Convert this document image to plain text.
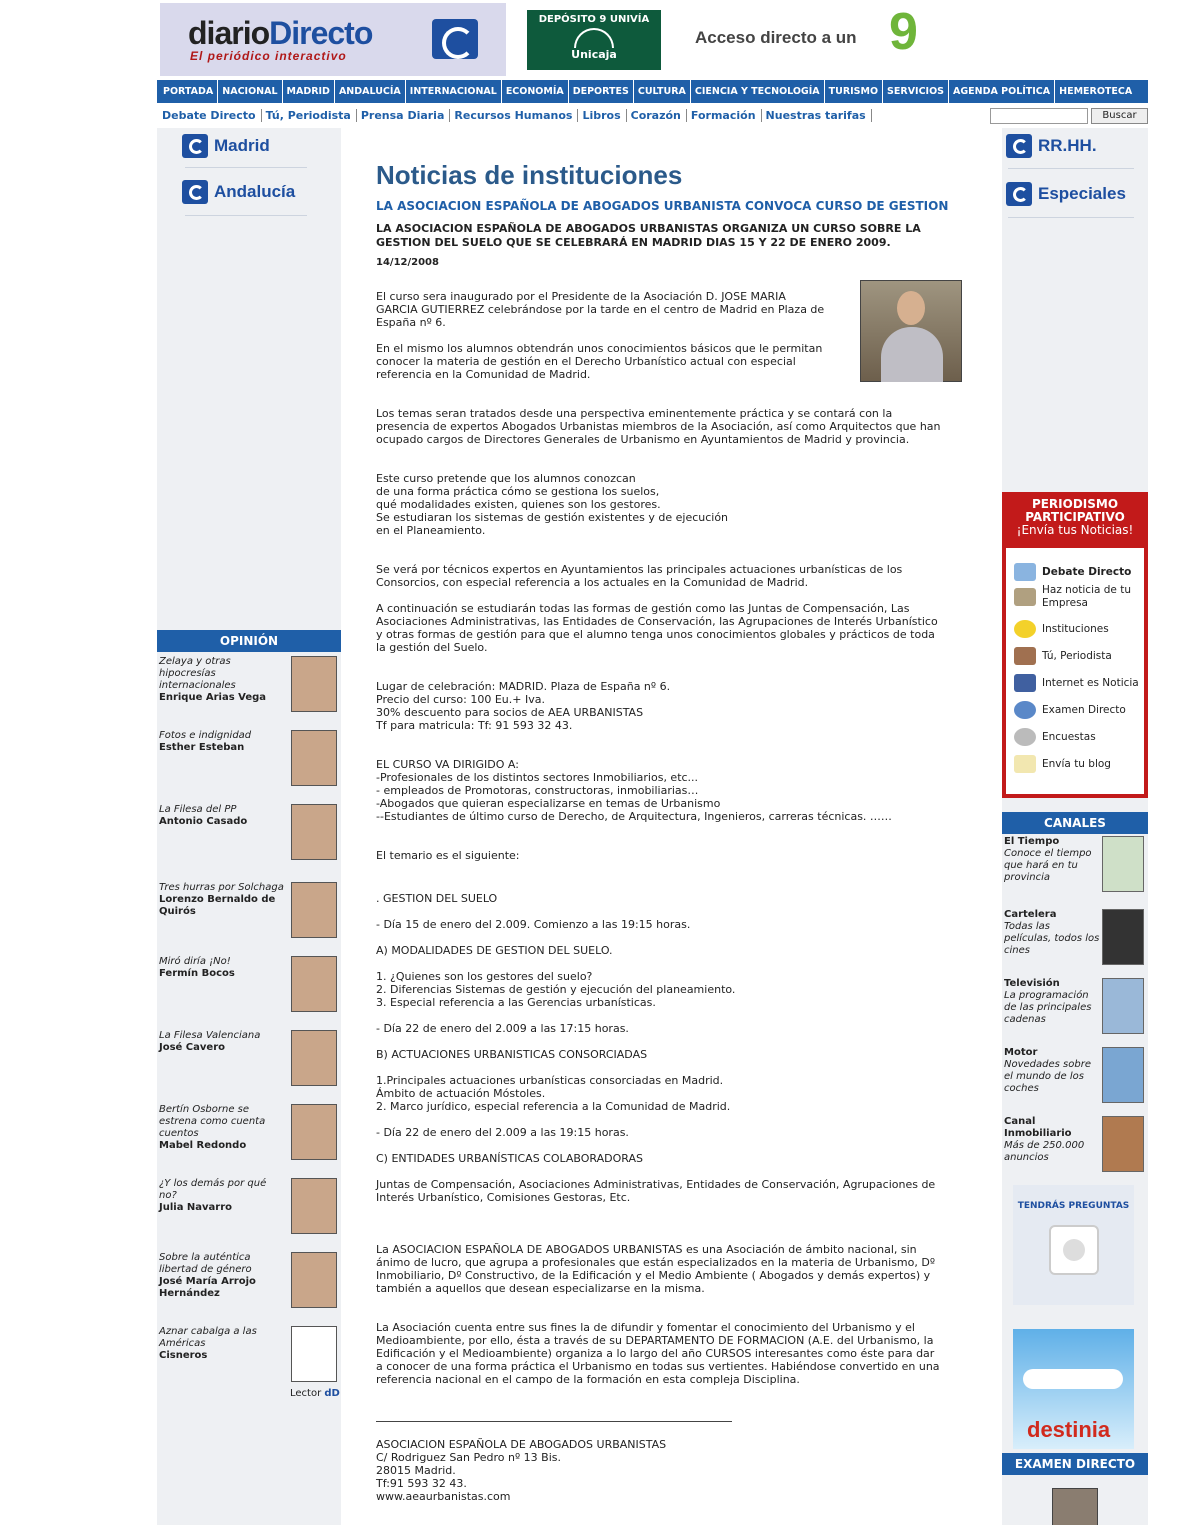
diarioDirecto
El periódico interactivo
DEPÓSITO 9 UNIVÍA
Unicaja
Acceso directo a un 9
PORTADA NACIONAL MADRID ANDALUCÍA INTERNACIONAL ECONOMÍA DEPORTES CULTURA CIENCIA Y TECNOLOGÍA TURISMO SERVICIOS AGENDA POLÍTICA HEMEROTECA
Debate Directo Tú, Periodista Prensa Diaria Recursos Humanos Libros Corazón Formación Nuestras tarifas	Buscar
Madrid
Andalucía
OPINIÓN
Zelaya y otras hipocresías internacionales
Enrique Arias Vega
Fotos e indignidad
Esther Esteban
La Filesa del PP
Antonio Casado
Tres hurras por Solchaga
Lorenzo Bernaldo de Quirós
Miró diría ¡No!
Fermín Bocos
La Filesa Valenciana
José Cavero
Bertín Osborne se estrena como cuenta cuentos
Mabel Redondo
¿Y los demás por qué no?
Julia Navarro
Sobre la auténtica libertad de género
José María Arrojo Hernández
Aznar cabalga a las Américas
Cisneros
Lector dD
Noticias de instituciones
LA ASOCIACION ESPAÑOLA DE ABOGADOS URBANISTA CONVOCA CURSO DE GESTION
LA ASOCIACION ESPAÑOLA DE ABOGADOS URBANISTAS ORGANIZA UN CURSO SOBRE LA GESTION DEL SUELO QUE SE CELEBRARÁ EN MADRID DIAS 15 Y 22 DE ENERO 2009.
14/12/2008
El curso sera inaugurado por el Presidente de la Asociación D. JOSE MARIA
GARCIA GUTIERREZ celebrándose por la tarde en el centro de Madrid en Plaza de
España nº 6.
En el mismo los alumnos obtendrán unos conocimientos básicos que le permitan
conocer la materia de gestión en el Derecho Urbanístico actual con especial
referencia en la Comunidad de Madrid.
Los temas seran tratados desde una perspectiva eminentemente práctica y se contará con la
presencia de expertos Abogados Urbanistas miembros de la Asociación, así como Arquitectos que han
ocupado cargos de Directores Generales de Urbanismo en Ayuntamientos de Madrid y provincia.
Este curso pretende que los alumnos conozcan
de una forma práctica cómo se gestiona los suelos,
qué modalidades existen, quienes son los gestores.
Se estudiaran los sistemas de gestión existentes y de ejecución
en el Planeamiento.
Se verá por técnicos expertos en Ayuntamientos las principales actuaciones urbanísticas de los
Consorcios, con especial referencia a los actuales en la Comunidad de Madrid.
A continuación se estudiarán todas las formas de gestión como las Juntas de Compensación, Las
Asociaciones Administrativas, las Entidades de Conservación, las Agrupaciones de Interés Urbanístico
y otras formas de gestión para que el alumno tenga unos conocimientos globales y prácticos de toda
la gestión del Suelo.
Lugar de celebración: MADRID. Plaza de España nº 6.
Precio del curso: 100 Eu.+ Iva.
30% descuento para socios de AEA URBANISTAS
Tf para matricula: Tf: 91 593 32 43.
EL CURSO VA DIRIGIDO A:
-Profesionales de los distintos sectores Inmobiliarios, etc...
- empleados de Promotoras, constructoras, inmobiliarias…
-Abogados que quieran especializarse en temas de Urbanismo
--Estudiantes de último curso de Derecho, de Arquitectura, Ingenieros, carreras técnicas. ……
El temario es el siguiente:
. GESTION DEL SUELO
- Día 15 de enero del 2.009. Comienzo a las 19:15 horas.
A) MODALIDADES DE GESTION DEL SUELO.
1. ¿Quienes son los gestores del suelo?
2. Diferencias Sistemas de gestión y ejecución del planeamiento.
3. Especial referencia a las Gerencias urbanísticas.
- Día 22 de enero del 2.009 a las 17:15 horas.
B) ACTUACIONES URBANISTICAS CONSORCIADAS
1.Principales actuaciones urbanísticas consorciadas en Madrid.
Ámbito de actuación Móstoles.
2. Marco jurídico, especial referencia a la Comunidad de Madrid.
- Día 22 de enero del 2.009 a las 19:15 horas.
C) ENTIDADES URBANÍSTICAS COLABORADORAS
Juntas de Compensación, Asociaciones Administrativas, Entidades de Conservación, Agrupaciones de
Interés Urbanístico, Comisiones Gestoras, Etc.
La ASOCIACION ESPAÑOLA DE ABOGADOS URBANISTAS es una Asociación de ámbito nacional, sin
ánimo de lucro, que agrupa a profesionales que están especializados en la materia de Urbanismo, Dº
Inmobiliario, Dº Constructivo, de la Edificación y el Medio Ambiente ( Abogados y demás expertos) y
también a aquellos que desean especializarse en la misma.
La Asociación cuenta entre sus fines la de difundir y fomentar el conocimiento del Urbanismo y el
Medioambiente, por ello, ésta a través de su DEPARTAMENTO DE FORMACION (A.E. del Urbanismo, la
Edificación y el Medioambiente) organiza a lo largo del año CURSOS interesantes como éste para dar
a conocer de una forma práctica el Urbanismo en todas sus vertientes. Habiéndose convertido en una
referencia nacional en el campo de la formación en esta compleja Disciplina.
ASOCIACION ESPAÑOLA DE ABOGADOS URBANISTAS
C/ Rodriguez San Pedro nº 13 Bis.
28015 Madrid.
Tf:91 593 32 43.
www.aeaurbanistas.com
RR.HH.
Especiales
PERIODISMO
PARTICIPATIVO
¡Envía tus Noticias!
Debate Directo
Haz noticia de tu Empresa
Instituciones
Tú, Periodista
Internet es Noticia
Examen Directo
Encuestas
Envía tu blog
CANALES
El Tiempo
Conoce el tiempo que hará en tu provincia
Cartelera
Todas las películas, todos los cines
Televisión
La programación de las principales cadenas
Motor
Novedades sobre el mundo de los coches
Canal Inmobiliario
Más de 250.000 anuncios
TENDRÁS PREGUNTAS
destinia
EXAMEN DIRECTO
